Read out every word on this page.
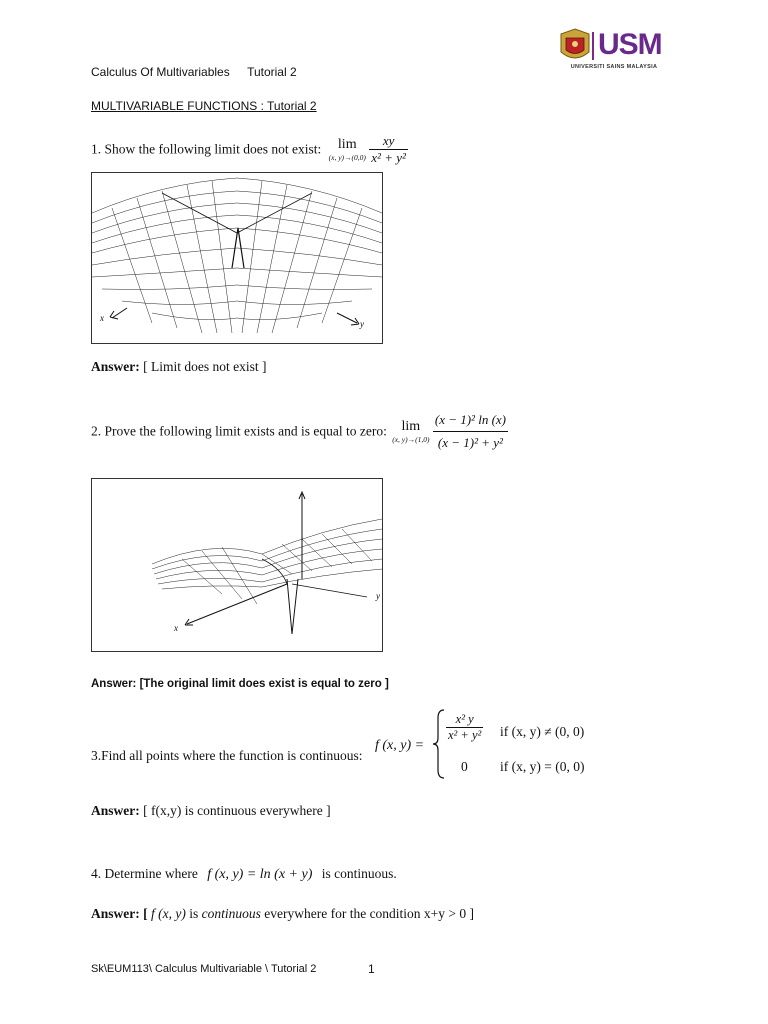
Calculus Of Multivariables Tutorial 2
USM
UNIVERSITI SAINS MALAYSIA
MULTIVARIABLE FUNCTIONS : Tutorial 2
1. Show the following limit does not exist:	lim
(x, y)→(0,0)
$\frac{xy}{\text{x² + y²}}$
x
y
Answer: [ Limit does not exist ]
2. Prove the following limit exists and is equal to zero:	lim
(x, y)→(1,0)
$\frac{\text{(x − 1)² ln (x)}}{\text{(x − 1)² + y²}}$
x
y
Answer: [The original limit does exist is equal to zero ]
3.Find all points where the function is continuous:
f (x, y) =
$\frac{\text{x² y}}{\text{x² + y²}}$ if (x, y) ≠ (0, 0)
0 if (x, y) = (0, 0)
Answer: [ f(x,y) is continuous everywhere ]
4. Determine where f (x, y) = ln (x + y) is continuous.
Answer: [ f (x, y) is continuous everywhere for the condition x+y > 0 ]
Sk\EUM113\ Calculus Multivariable \ Tutorial 2	1
